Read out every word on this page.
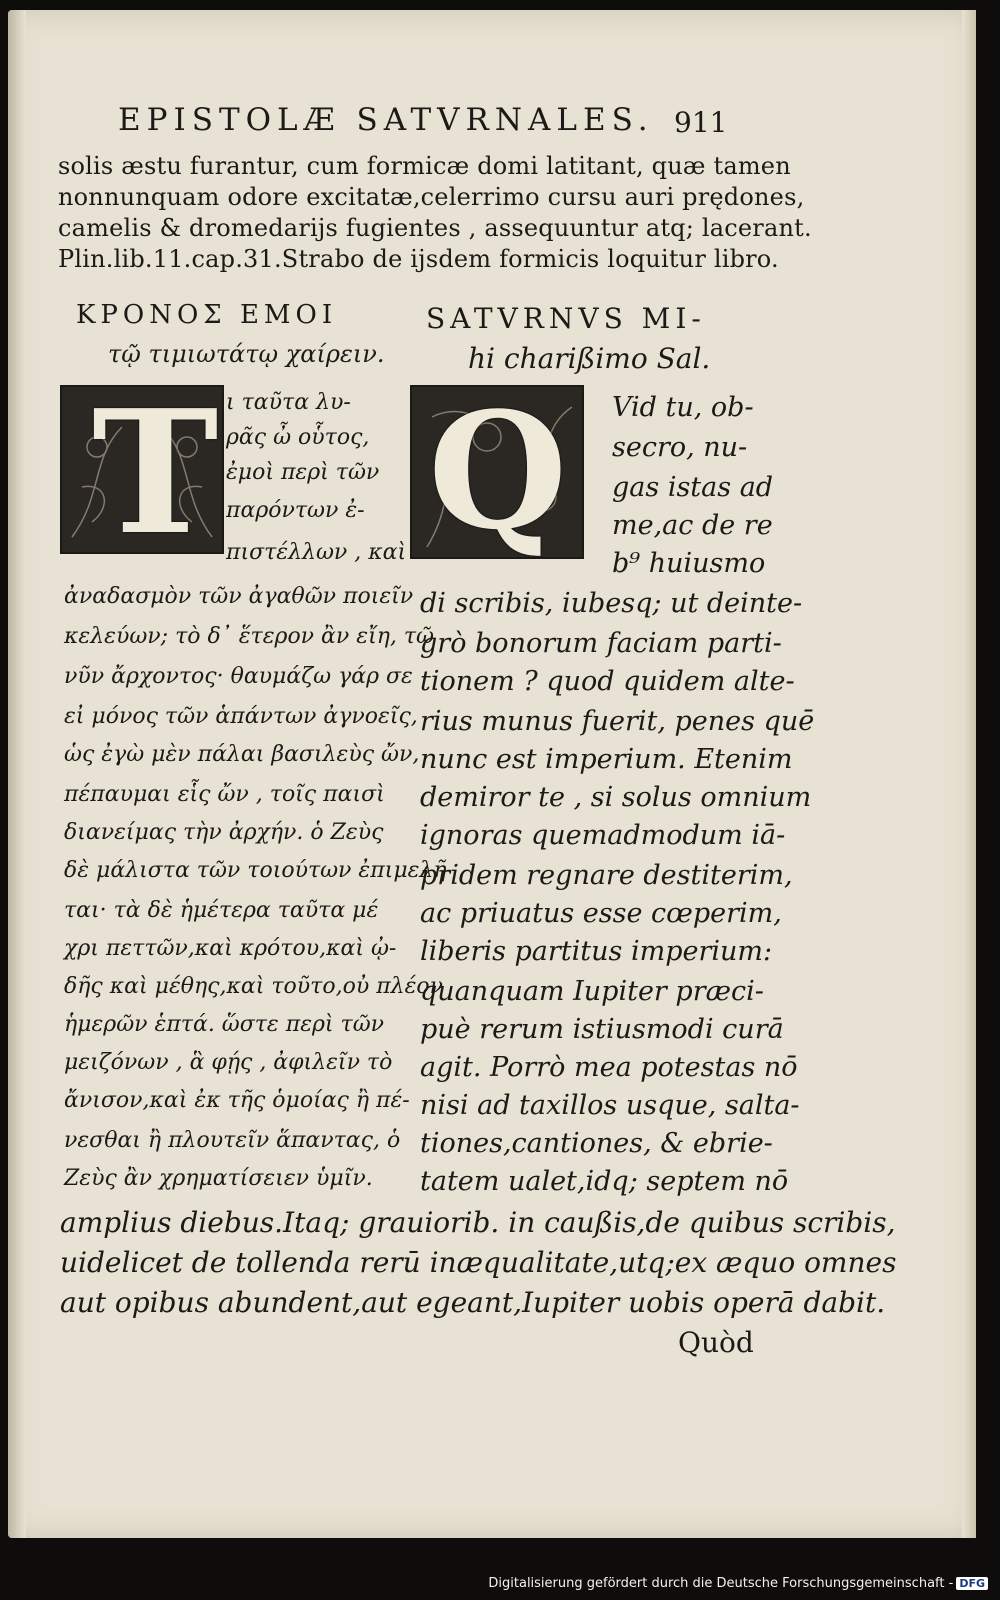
EPISTOLÆ SATVRNALES. 911
solis æstu furantur, cum formicæ domi latitant, quæ tamen
nonnunquam odore excitatæ,celerrimo cursu auri prędones,
camelis & dromedarijs fugientes , assequuntur atq; lacerant.
Plin.lib.11.cap.31.Strabo de ijsdem formicis loquitur libro.
ΚΡΟΝΟΣ ΕΜΟΙ
τῷ τιμιωτάτῳ χαίρειν.
SATVRNVS MI-
hi charißimo Sal.
T Q
ι ταῦτα λυ-
ρᾶς ὦ οὗτος,
ἐμοὶ περὶ τῶν
παρόντων ἐ-
πιστέλλων , καὶ
ἀναδασμὸν τῶν ἀγαθῶν ποιεῖν
κελεύων; τὸ δ᾽ ἕτερον ἂν εἴη, τῶ
νῦν ἄρχοντος· θαυμάζω γάρ σε
εἰ μόνος τῶν ἁπάντων ἀγνοεῖς,
ὡς ἐγὼ μὲν πάλαι βασιλεὺς ὤν,
πέπαυμαι εἷς ὤν , τοῖς παισὶ
διανείμας τὴν ἀρχήν. ὁ Ζεὺς
δὲ μάλιστα τῶν τοιούτων ἐπιμελῆ
ται· τὰ δὲ ἡμέτερα ταῦτα μέ
χρι πεττῶν,καὶ κρότου,καὶ ᾠ-
δῆς καὶ μέθης,καὶ τοῦτο,οὐ πλέον
ἡμερῶν ἑπτά. ὥστε περὶ τῶν
μειζόνων , ἃ φῄς , ἀφιλεῖν τὸ
ἄνισον,καὶ ἐκ τῆς ὁμοίας ἢ πέ-
νεσθαι ἢ πλουτεῖν ἅπαντας, ὁ
Ζεὺς ἂν χρηματίσειεν ὑμῖν.
Vid tu, ob-
secro, nu-
gas istas ad
me,ac de re
b⁹ huiusmo
di scribis, iubesq; ut deinte-
grò bonorum faciam parti-
tionem ? quod quidem alte-
rius munus fuerit, penes quē
nunc est imperium. Etenim
demiror te , si solus omnium
ignoras quemadmodum iā-
pridem regnare destiterim,
ac priuatus esse cœperim,
liberis partitus imperium:
quanquam Iupiter præci-
puè rerum istiusmodi curā
agit. Porrò mea potestas nō
nisi ad taxillos usque, salta-
tiones,cantiones, & ebrie-
tatem ualet,idq; septem nō
amplius diebus.Itaq; grauiorib. in caußis,de quibus scribis,
uidelicet de tollenda rerū inæqualitate,utq;ex æquo omnes
aut opibus abundent,aut egeant,Iupiter uobis operā dabit.
Quòd
Digitalisierung gefördert durch die Deutsche Forschungsgemeinschaft - DFG
